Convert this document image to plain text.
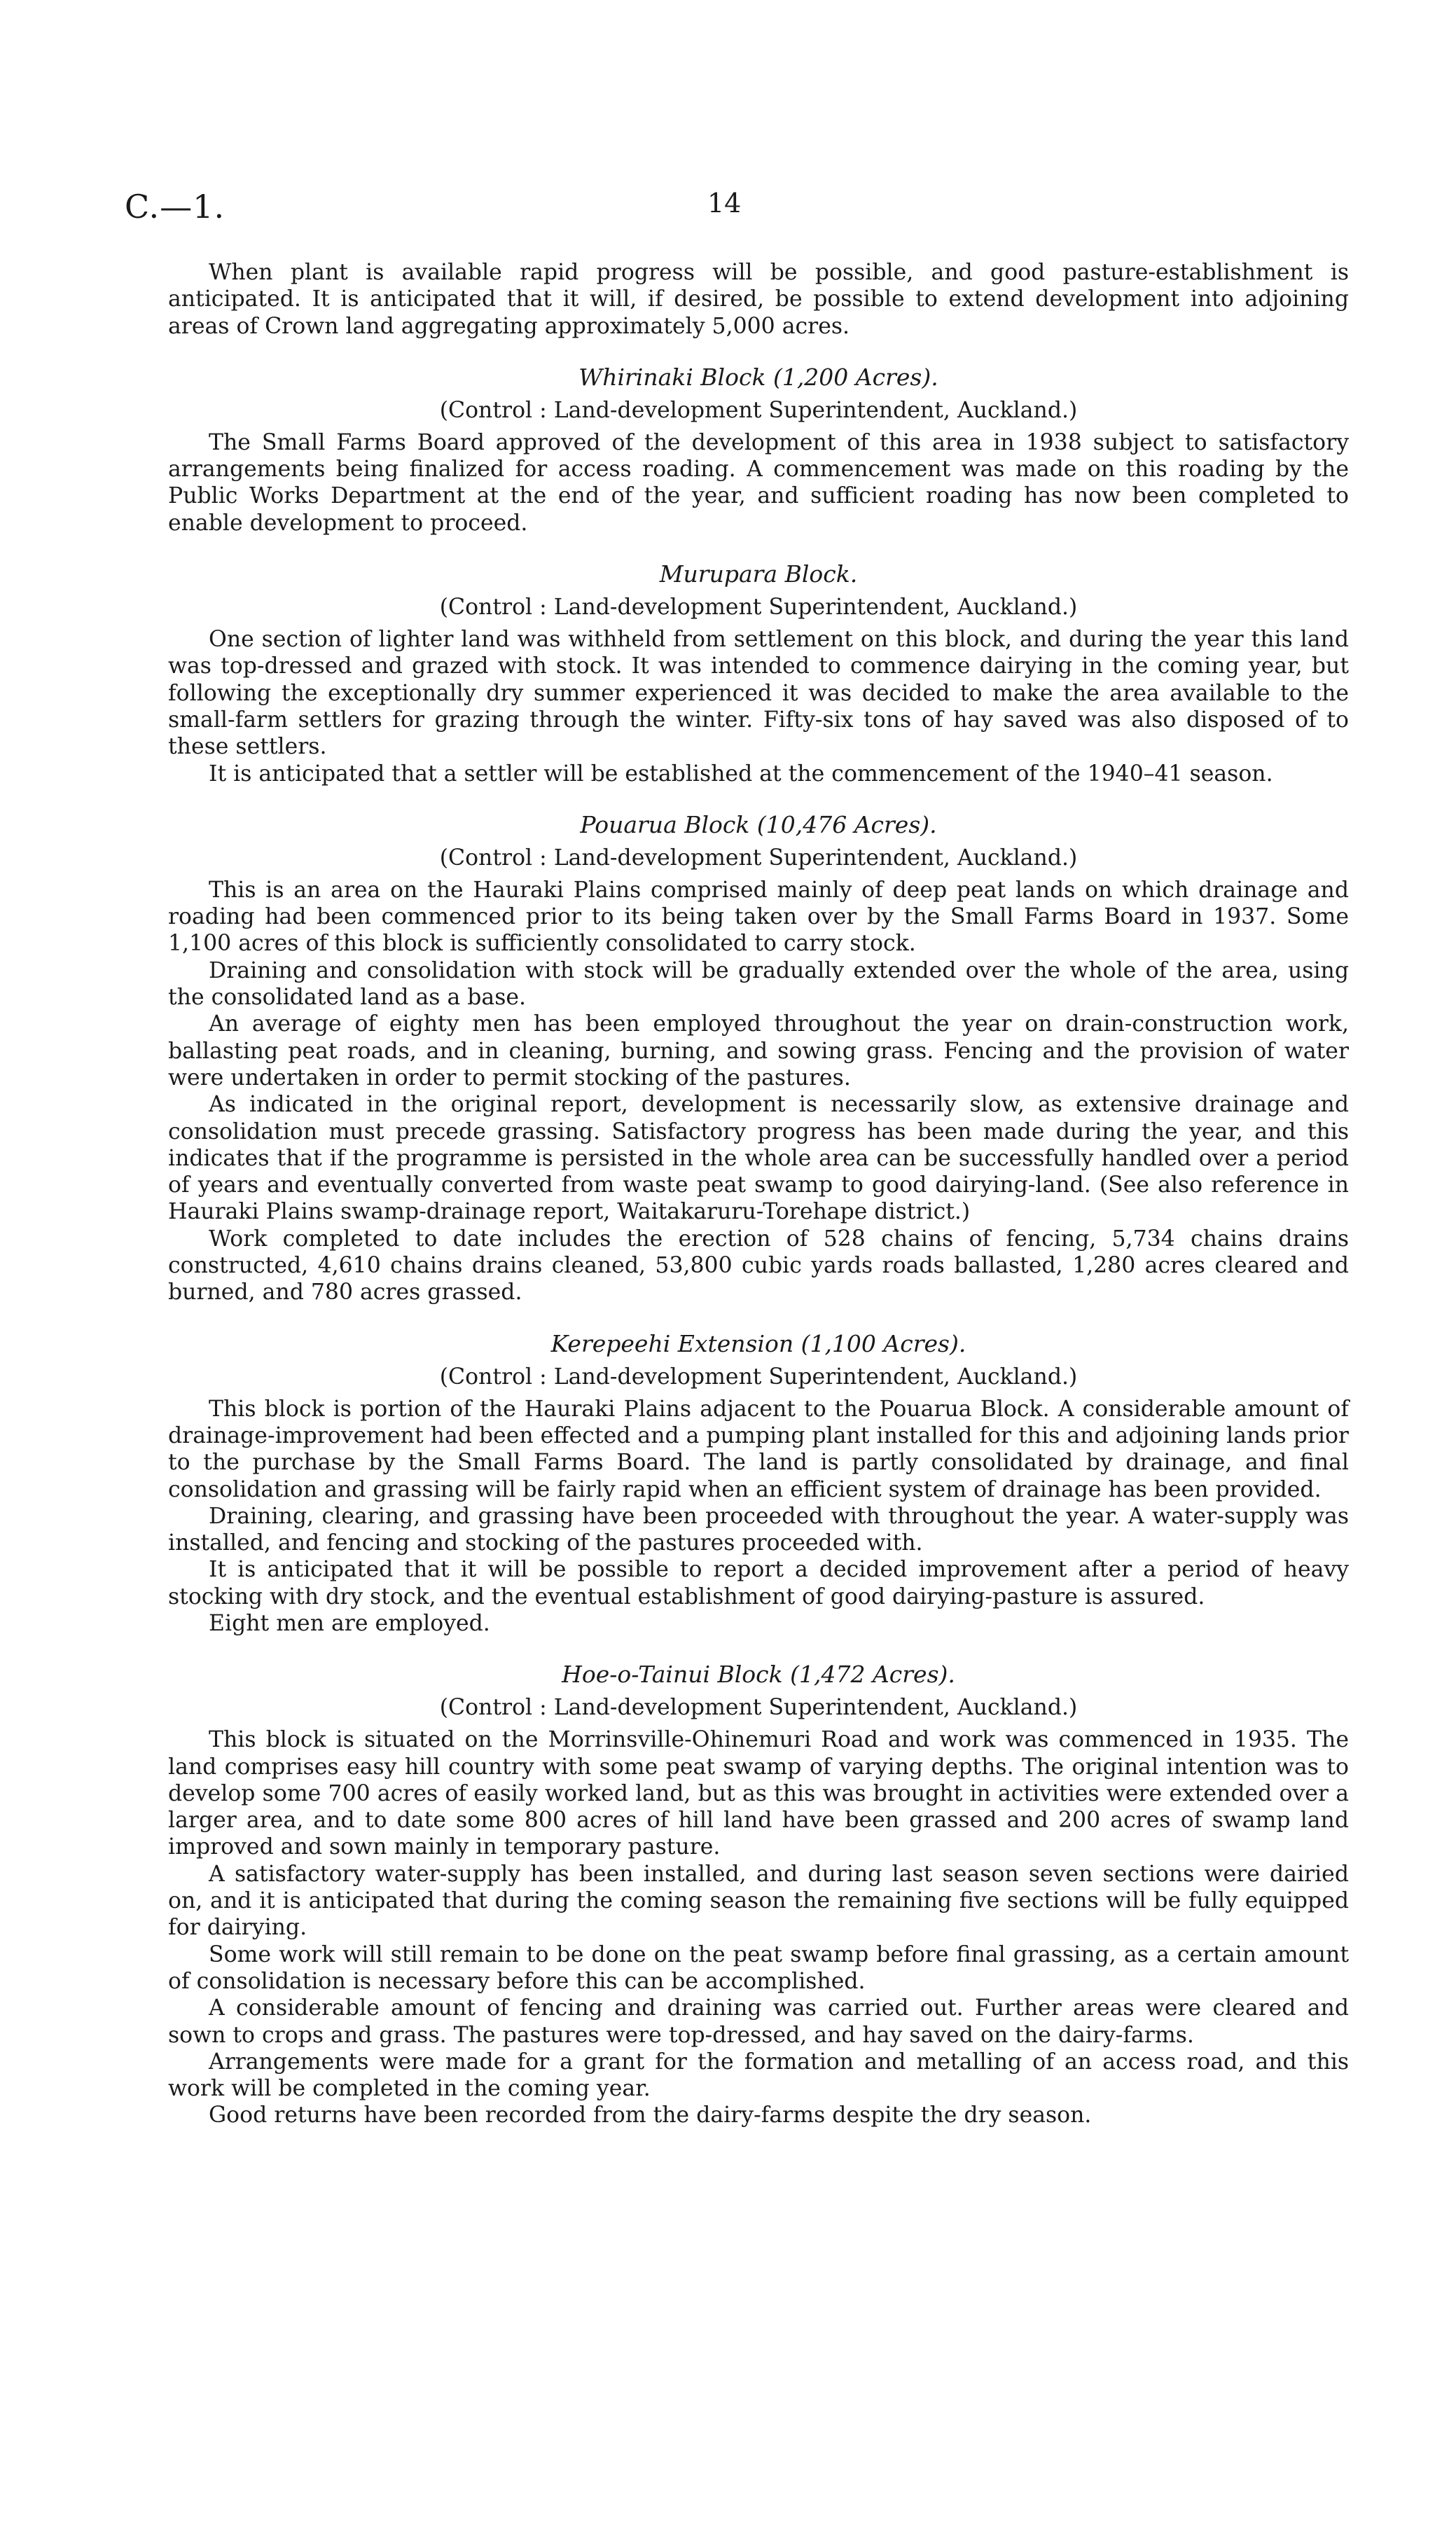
C.—1.	14

When plant is available rapid progress will be possible, and good pasture-establishment is anticipated. It is anticipated that it will, if desired, be possible to extend development into adjoining areas of Crown land aggregating approximately 5,000 acres.

Whirinaki Block (1,200 Acres).
(Control : Land-development Superintendent, Auckland.)

The Small Farms Board approved of the development of this area in 1938 subject to satisfactory arrangements being finalized for access roading. A commencement was made on this roading by the Public Works Department at the end of the year, and sufficient roading has now been completed to enable development to proceed.

Murupara Block.
(Control : Land-development Superintendent, Auckland.)

One section of lighter land was withheld from settlement on this block, and during the year this land was top-dressed and grazed with stock. It was intended to commence dairying in the coming year, but following the exceptionally dry summer experienced it was decided to make the area available to the small-farm settlers for grazing through the winter. Fifty-six tons of hay saved was also disposed of to these settlers.

It is anticipated that a settler will be established at the commencement of the 1940–41 season.

Pouarua Block (10,476 Acres).
(Control : Land-development Superintendent, Auckland.)

This is an area on the Hauraki Plains comprised mainly of deep peat lands on which drainage and roading had been commenced prior to its being taken over by the Small Farms Board in 1937. Some 1,100 acres of this block is sufficiently consolidated to carry stock.

Draining and consolidation with stock will be gradually extended over the whole of the area, using the consolidated land as a base.

An average of eighty men has been employed throughout the year on drain-construction work, ballasting peat roads, and in cleaning, burning, and sowing grass. Fencing and the provision of water were undertaken in order to permit stocking of the pastures.

As indicated in the original report, development is necessarily slow, as extensive drainage and consolidation must precede grassing. Satisfactory progress has been made during the year, and this indicates that if the programme is persisted in the whole area can be successfully handled over a period of years and eventually converted from waste peat swamp to good dairying-land. (See also reference in Hauraki Plains swamp-drainage report, Waitakaruru-Torehape district.)

Work completed to date includes the erection of 528 chains of fencing, 5,734 chains drains constructed, 4,610 chains drains cleaned, 53,800 cubic yards roads ballasted, 1,280 acres cleared and burned, and 780 acres grassed.

Kerepeehi Extension (1,100 Acres).
(Control : Land-development Superintendent, Auckland.)

This block is portion of the Hauraki Plains adjacent to the Pouarua Block. A considerable amount of drainage-improvement had been effected and a pumping plant installed for this and adjoining lands prior to the purchase by the Small Farms Board. The land is partly consolidated by drainage, and final consolidation and grassing will be fairly rapid when an efficient system of drainage has been provided.

Draining, clearing, and grassing have been proceeded with throughout the year. A water-supply was installed, and fencing and stocking of the pastures proceeded with.

It is anticipated that it will be possible to report a decided improvement after a period of heavy stocking with dry stock, and the eventual establishment of good dairying-pasture is assured.

Eight men are employed.

Hoe-o-Tainui Block (1,472 Acres).
(Control : Land-development Superintendent, Auckland.)

This block is situated on the Morrinsville-Ohinemuri Road and work was commenced in 1935. The land comprises easy hill country with some peat swamp of varying depths. The original intention was to develop some 700 acres of easily worked land, but as this was brought in activities were extended over a larger area, and to date some 800 acres of hill land have been grassed and 200 acres of swamp land improved and sown mainly in temporary pasture.

A satisfactory water-supply has been installed, and during last season seven sections were dairied on, and it is anticipated that during the coming season the remaining five sections will be fully equipped for dairying.

Some work will still remain to be done on the peat swamp before final grassing, as a certain amount of consolidation is necessary before this can be accomplished.

A considerable amount of fencing and draining was carried out. Further areas were cleared and sown to crops and grass. The pastures were top-dressed, and hay saved on the dairy-farms.

Arrangements were made for a grant for the formation and metalling of an access road, and this work will be completed in the coming year.

Good returns have been recorded from the dairy-farms despite the dry season.
